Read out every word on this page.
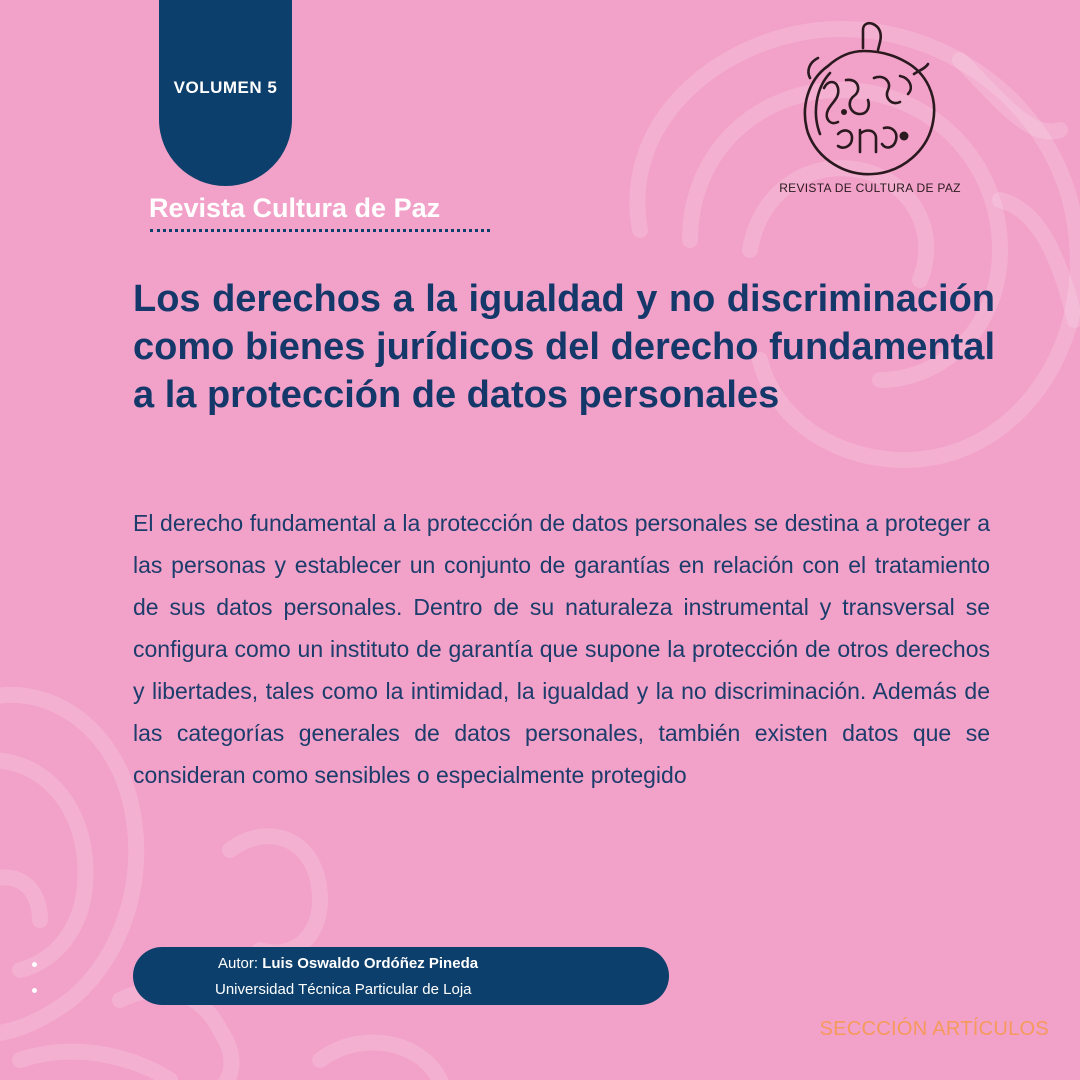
VOLUMEN 5
Revista Cultura de Paz
REVISTA DE CULTURA DE PAZ
Los derechos a la igualdad y no discriminación como bienes jurídicos del derecho fundamental a la protección de datos personales

El derecho fundamental a la protección de datos personales se destina a proteger a las personas y establecer un conjunto de garantías en relación con el tratamiento de sus datos personales. Dentro de su naturaleza instrumental y transversal se configura como un instituto de garantía que supone la protección de otros derechos y libertades, tales como la intimidad, la igualdad y la no discriminación. Además de las categorías generales de datos personales, también existen datos que se consideran como sensibles o especialmente protegido

Autor: Luis Oswaldo Ordóñez Pineda
Universidad Técnica Particular de Loja
SECCCIÓN ARTÍCULOS
